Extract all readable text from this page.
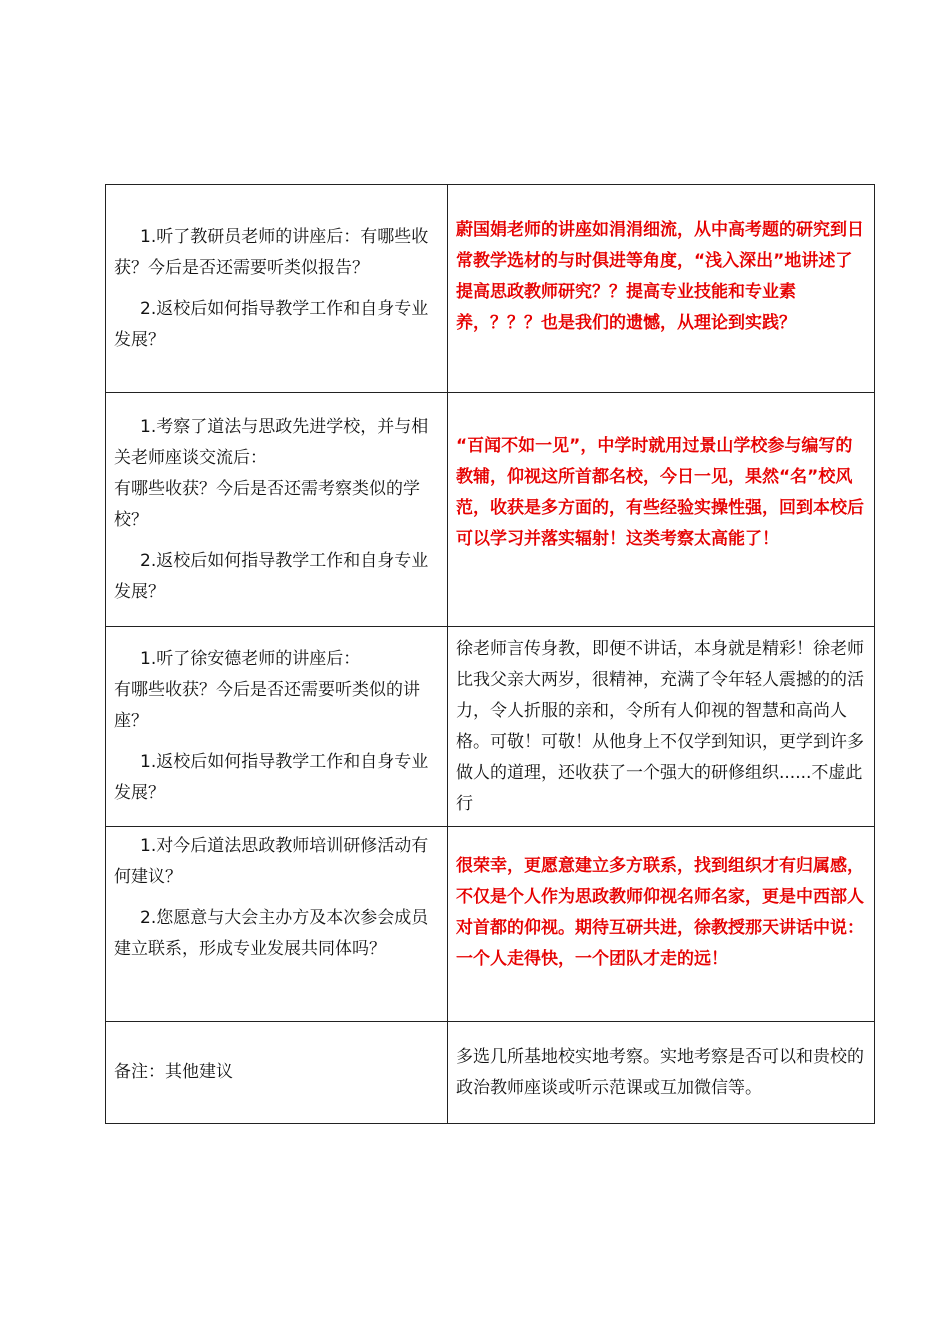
1.听了教研员老师的讲座后：有哪些收获？今后是否还需要听类似报告？

2.返校后如何指导教学工作和自身专业发展？	蔚国娟老师的讲座如涓涓细流，从中高考题的研究到日常教学选材的与时俱进等角度，“浅入深出”地讲述了提高思政教师研究？？提高专业技能和专业素养，？？？也是我们的遗憾，从理论到实践？

1.考察了道法与思政先进学校，并与相关老师座谈交流后：

有哪些收获？今后是否还需考察类似的学校？

2.返校后如何指导教学工作和自身专业发展？	“百闻不如一见”，中学时就用过景山学校参与编写的教辅，仰视这所首都名校，今日一见，果然“名”校风范，收获是多方面的，有些经验实操性强，回到本校后可以学习并落实辐射！这类考察太高能了！

1.听了徐安德老师的讲座后：

有哪些收获？今后是否还需要听类似的讲座？

1.返校后如何指导教学工作和自身专业发展？	徐老师言传身教，即便不讲话，本身就是精彩！徐老师比我父亲大两岁，很精神，充满了令年轻人震撼的的活力，令人折服的亲和，令所有人仰视的智慧和高尚人格。可敬！可敬！从他身上不仅学到知识，更学到许多做人的道理，还收获了一个强大的研修组织......不虚此行

1.对今后道法思政教师培训研修活动有何建议？

2.您愿意与大会主办方及本次参会成员建立联系，形成专业发展共同体吗？	很荣幸，更愿意建立多方联系，找到组织才有归属感，不仅是个人作为思政教师仰视名师名家，更是中西部人对首都的仰视。期待互研共进，徐教授那天讲话中说：一个人走得快，一个团队才走的远！

备注：其他建议	多选几所基地校实地考察。实地考察是否可以和贵校的政治教师座谈或听示范课或互加微信等。
